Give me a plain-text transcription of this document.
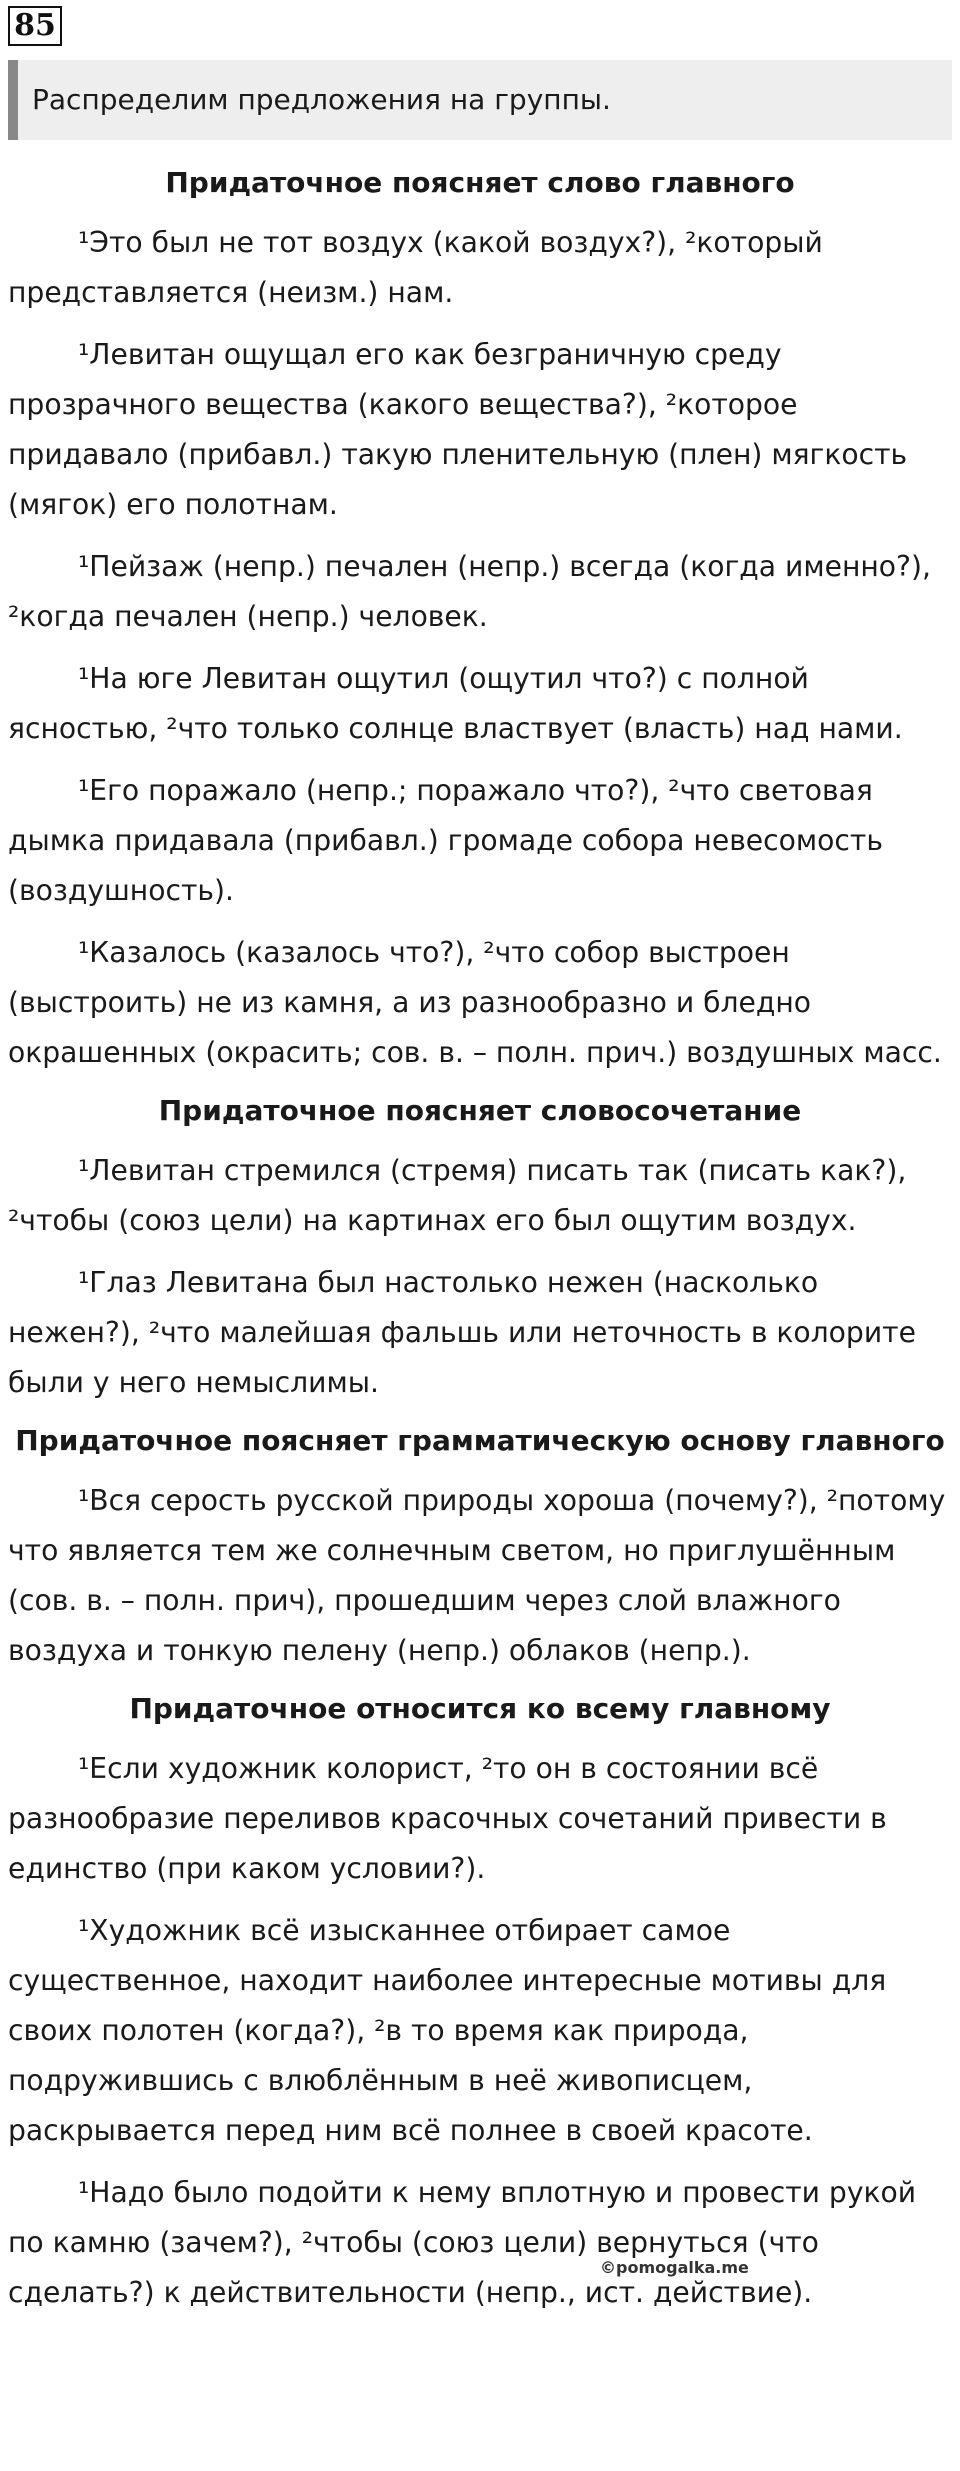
85
Распределим предложения на группы.
Придаточное поясняет слово главного

¹Это был не тот воздух (какой воздух?), ²который представляется (неизм.) нам.

¹Левитан ощущал его как безграничную среду прозрачного вещества (какого вещества?), ²которое придавало (прибавл.) такую пленительную (плен) мягкость (мягок) его полотнам.

¹Пейзаж (непр.) печален (непр.) всегда (когда именно?), ²когда печален (непр.) человек.

¹На юге Левитан ощутил (ощутил что?) с полной ясностью, ²что только солнце властвует (власть) над нами.

¹Его поражало (непр.; поражало что?), ²что световая дымка придавала (прибавл.) громаде собора невесомость (воздушность).

¹Казалось (казалось что?), ²что собор выстроен (выстроить) не из камня, а из разнообразно и бледно окрашенных (окрасить; сов. в. – полн. прич.) воздушных масс.

Придаточное поясняет словосочетание

¹Левитан стремился (стремя) писать так (писать как?), ²чтобы (союз цели) на картинах его был ощутим воздух.

¹Глаз Левитана был настолько нежен (насколько нежен?), ²что малейшая фальшь или неточность в колорите были у него немыслимы.

Придаточное поясняет грамматическую основу главного

¹Вся серость русской природы хороша (почему?), ²потому что является тем же солнечным светом, но приглушённым (сов. в. – полн. прич), прошедшим через слой влажного воздуха и тонкую пелену (непр.) облаков (непр.).

Придаточное относится ко всему главному

¹Если художник колорист, ²то он в состоянии всё разнообразие переливов красочных сочетаний привести в единство (при каком условии?).

¹Художник всё изысканнее отбирает самое существенное, находит наиболее интересные мотивы для своих полотен (когда?), ²в то время как природа, подружившись с влюблённым в неё живописцем, раскрывается перед ним всё полнее в своей красоте.

¹Надо было подойти к нему вплотную и провести рукой по камню (зачем?), ²чтобы (союз цели) вернуться (что сделать?) к действительности (непр., ист. действие).

©pomogalka.me
